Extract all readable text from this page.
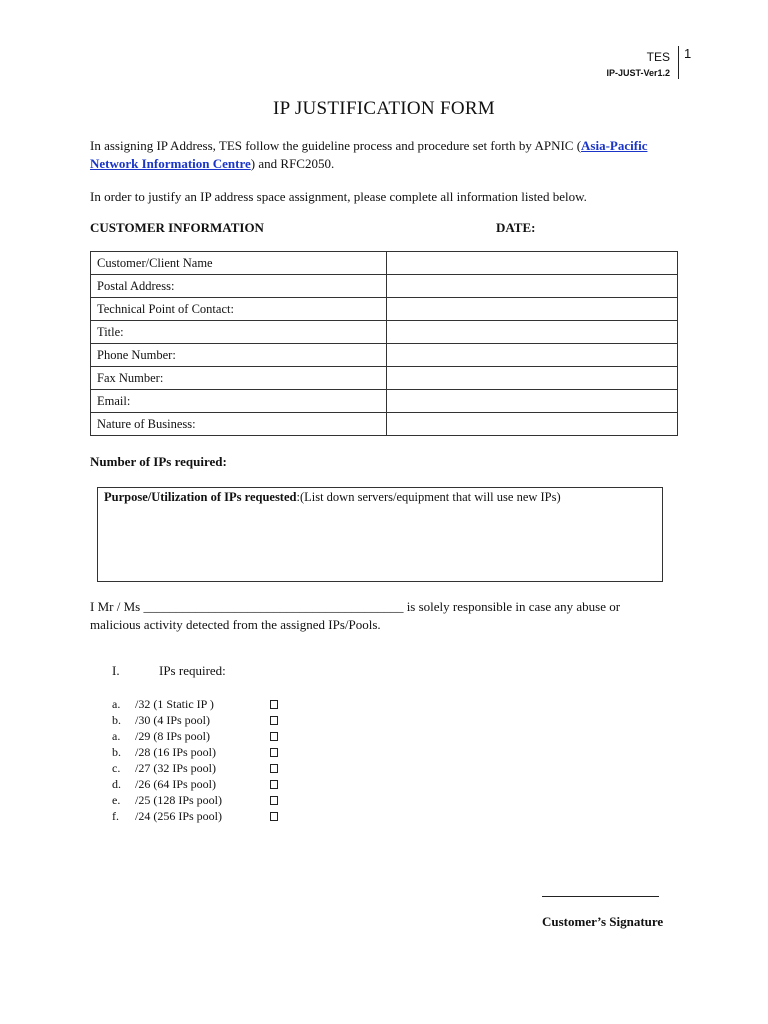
TES
IP-JUST-Ver1.2
1
IP JUSTIFICATION FORM
In assigning IP Address, TES follow the guideline process and procedure set forth by APNIC (Asia-Pacific Network Information Centre) and RFC2050.
In order to justify an IP address space assignment, please complete all information listed below.
CUSTOMER INFORMATION	DATE:
Customer/Client Name	
Postal Address:	
Technical Point of Contact:	
Title:	
Phone Number:	
Fax Number:	
Email:	
Nature of Business:	
Number of IPs required:
Purpose/Utilization of IPs requested:(List down servers/equipment that will use new IPs)
I Mr / Ms ________________________________________ is solely responsible in case any abuse or malicious activity detected from the assigned IPs/Pools.
I.	IPs required:
a. /32 (1 Static IP )
b. /30 (4 IPs pool)
a. /29 (8 IPs pool)
b. /28 (16 IPs pool)
c. /27 (32 IPs pool)
d. /26 (64 IPs pool)
e. /25 (128 IPs pool)
f. /24 (256 IPs pool)
Customer’s Signature
